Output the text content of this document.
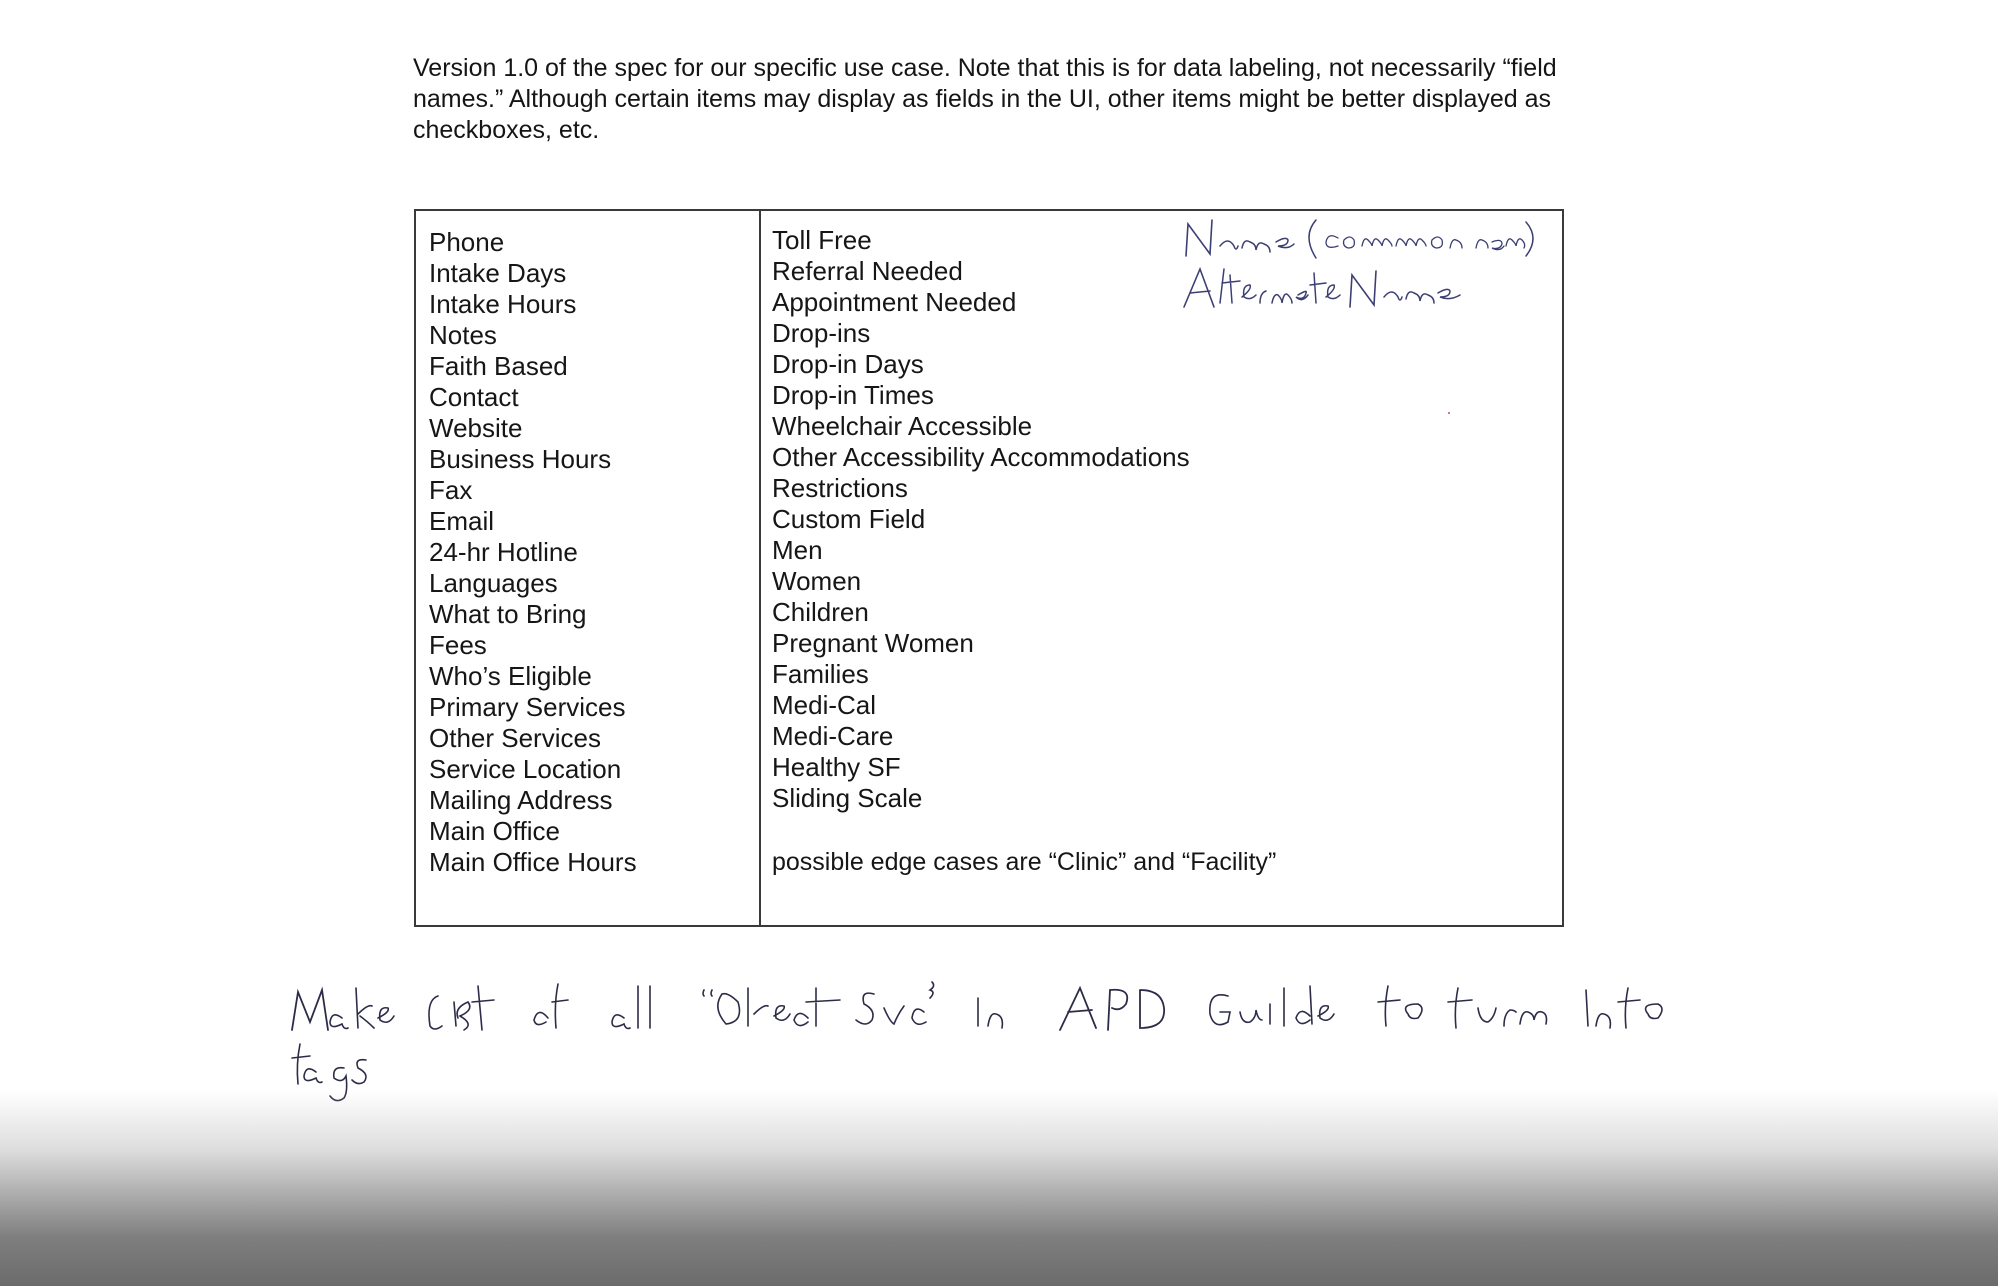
Version 1.0 of the spec for our specific use case. Note that this is for data labeling, not necessarily “field names.” Although certain items may display as fields in the UI, other items might be better displayed as checkboxes, etc.

Phone
Intake Days
Intake Hours
Notes
Faith Based
Contact
Website
Business Hours
Fax
Email
24-hr Hotline
Languages
What to Bring
Fees
Who’s Eligible
Primary Services
Other Services
Service Location
Mailing Address
Main Office
Main Office Hours
Toll Free
Referral Needed
Appointment Needed
Drop-ins
Drop-in Days
Drop-in Times
Wheelchair Accessible
Other Accessibility Accommodations
Restrictions
Custom Field
Men
Women
Children
Pregnant Women
Families
Medi-Cal
Medi-Care
Healthy SF
Sliding Scale
possible edge cases are “Clinic” and “Facility”
